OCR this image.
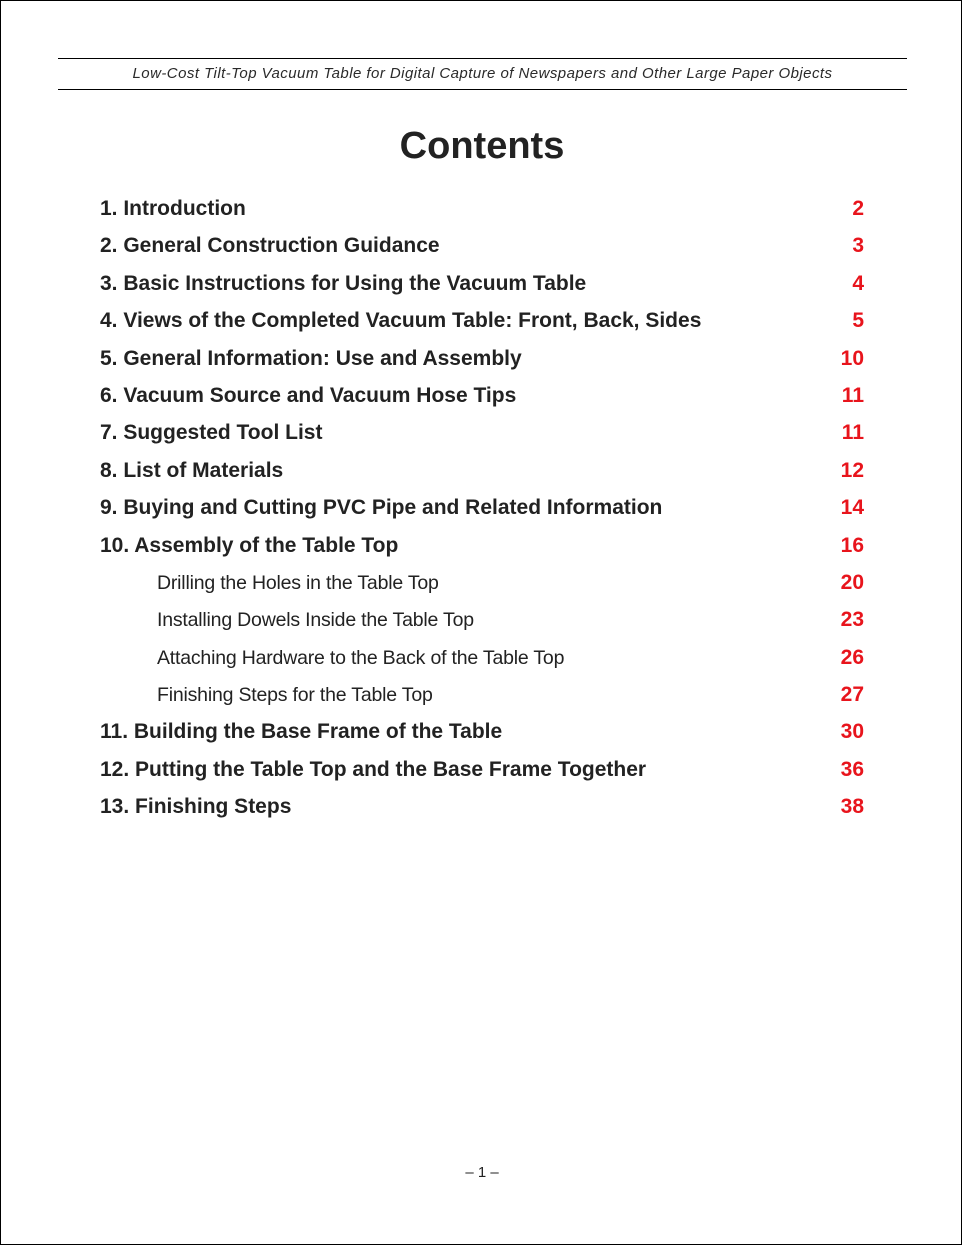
Low-Cost Tilt-Top Vacuum Table for Digital Capture of Newspapers and Other Large Paper Objects
Contents
1. Introduction	2
2. General Construction Guidance	3
3. Basic Instructions for Using the Vacuum Table	4
4. Views of the Completed Vacuum Table: Front, Back, Sides	5
5. General Information: Use and Assembly	10
6. Vacuum Source and Vacuum Hose Tips	11
7. Suggested Tool List	11
8. List of Materials	12
9. Buying and Cutting PVC Pipe and Related Information	14
10. Assembly of the Table Top	16
Drilling the Holes in the Table Top	20
Installing Dowels Inside the Table Top	23
Attaching Hardware to the Back of the Table Top	26
Finishing Steps for the Table Top	27
11. Building the Base Frame of the Table	30
12. Putting the Table Top and the Base Frame Together	36
13. Finishing Steps	38
– 1 –
